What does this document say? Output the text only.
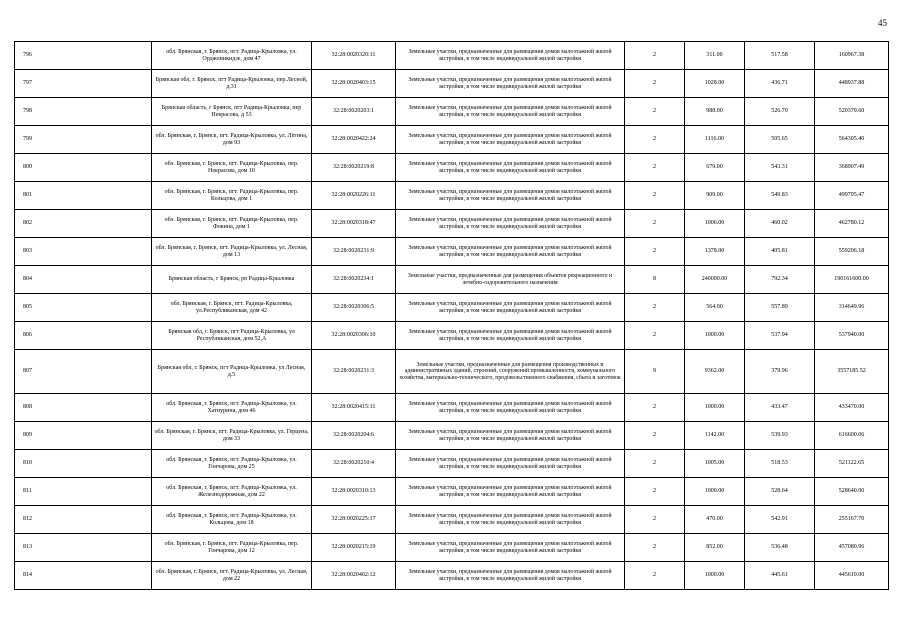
45
796	обл. Брянская, г. Брянск, пгт. Радица-Крыловка, ул. Орджоникидзе, дом 47	32:28:0020320:11	Земельные участки, предназначенные для размещения домов малоэтажной жилой застройки, в том числе индивидуальной жилой застройки	2	311.00	517.58	160967.38
797	Брянская обл, г. Брянск, пгт Радица-Крыловка, пер.Лесной, д.31	32:28:0020403:15	Земельные участки, предназначенные для размещения домов малоэтажной жилой застройки, в том числе индивидуальной жилой застройки	2	1028.00	436.71	448937.88
798	Брянская область, г Брянск, пгт Радица-Крыловка, пер Некрасова, д 53	32:28:0020203:1	Земельные участки, предназначенные для размещения домов малоэтажной жилой застройки, в том числе индивидуальной жилой застройки	2	988.00	526.70	520379.60
799	обл. Брянская, г. Брянск, пгт. Радица-Крыловка, ул. Лёгина, дом 93	32:28:0020422:24	Земельные участки, предназначенные для размещения домов малоэтажной жилой застройки, в том числе индивидуальной жилой застройки	2	1116.00	505.65	564305.40
800	обл. Брянская, г. Брянск, пгт. Радица-Крыловка, пер. Некрасова, дом 10	32:28:0020219:8	Земельные участки, предназначенные для размещения домов малоэтажной жилой застройки, в том числе индивидуальной жилой застройки	2	679.00	543.31	368907.49
801	обл. Брянская, г. Брянск, пгт. Радица-Крыловка, пер. Кольцова, дом 1	32:28:0020226:11	Земельные участки, предназначенные для размещения домов малоэтажной жилой застройки, в том числе индивидуальной жилой застройки	2	909.00	549.83	499795.47
802	обл. Брянская, г. Брянск, пгт. Радица-Крыловка, пер. Фокина, дом 1	32:28:0020318:47	Земельные участки, предназначенные для размещения домов малоэтажной жилой застройки, в том числе индивидуальной жилой застройки	2	1006.00	460.02	462780.12
803	обл. Брянская, г. Брянск, пгт. Радица-Крыловка, ул. Лесная, дом 13	32:28:0020231:9	Земельные участки, предназначенные для размещения домов малоэтажной жилой застройки, в том числе индивидуальной жилой застройки	2	1378.00	405.81	559206.18
804	Брянская область, г Брянск, рп Радица-Крыловка	32:28:0020234:1	Земельные участки, предназначенные для размещения объектов рекреационного и лечебно-оздоровительного назначения	8	240000.00	792.34	190161600.00
805	обл. Брянская, г. Брянск, пгт. Радица-Крыловка, ул.Республиканская, дом 42	32:28:0020306:5	Земельные участки, предназначенные для размещения домов малоэтажной жилой застройки, в том числе индивидуальной жилой застройки	2	564.00	557.89	314649.96
806	Брянская обл, г. Брянск, пгт Радица-Крыловка, ул Республиканская, дом 52,А	32:28:0020306:10	Земельные участки, предназначенные для размещения домов малоэтажной жилой застройки, в том числе индивидуальной жилой застройки	2	1000.00	537.94	537940.00
807	Брянская обл, г. Брянск, пгт Радица-Крыловка, ул Лесная, д.5	32:28:0020231:3	Земельные участки, предназначенные для размещения производственных и административных зданий, строений, сооружений промышленности, коммунального хозяйства, материально-технического, продовольственного снабжения, сбыта и заготовок	9	9362.00	379.96	3557185.52
808	обл. Брянская, г. Брянск, пгт. Радица-Крыловка, ул. Хатнурина, дом 46	32:28:0020415:11	Земельные участки, предназначенные для размещения домов малоэтажной жилой застройки, в том числе индивидуальной жилой застройки	2	1000.00	433.47	433470.00
809	обл. Брянская, г. Брянск, пгт. Радица-Крыловка, ул. Герцена, дом 33	32:28:0020204:6	Земельные участки, предназначенные для размещения домов малоэтажной жилой застройки, в том числе индивидуальной жилой застройки	2	1142.00	539.93	616600.06
810	обл. Брянская, г. Брянск, пгт. Радица-Крыловка, ул. Гончарова, дом 25	32:28:0020210:4	Земельные участки, предназначенные для размещения домов малоэтажной жилой застройки, в том числе индивидуальной жилой застройки	2	1005.00	518.53	521122.65
811	обл. Брянская, г. Брянск, пгт. Радица-Крыловка, ул. Железнодорожная, дом 22	32:28:0020310:13	Земельные участки, предназначенные для размещения домов малоэтажной жилой застройки, в том числе индивидуальной жилой застройки	2	1000.00	528.64	528640.00
812	обл. Брянская, г. Брянск, пгт. Радица-Крыловка, ул. Кольцова, дом 18	32:28:0020225:17	Земельные участки, предназначенные для размещения домов малоэтажной жилой застройки, в том числе индивидуальной жилой застройки	2	470.00	542.91	255167.70
813	обл. Брянская, г. Брянск, пгт. Радица-Крыловка, пер. Гончарова, дом 12	32:28:0020215:19	Земельные участки, предназначенные для размещения домов малоэтажной жилой застройки, в том числе индивидуальной жилой застройки	2	852.00	536.48	457080.96
814	обл. Брянская, г. Брянск, пгт. Радица-Крыловка, ул. Лесная, дом 22	32:28:0020402:12	Земельные участки, предназначенные для размещения домов малоэтажной жилой застройки, в том числе индивидуальной жилой застройки	2	1000.00	445.61	445610.00
